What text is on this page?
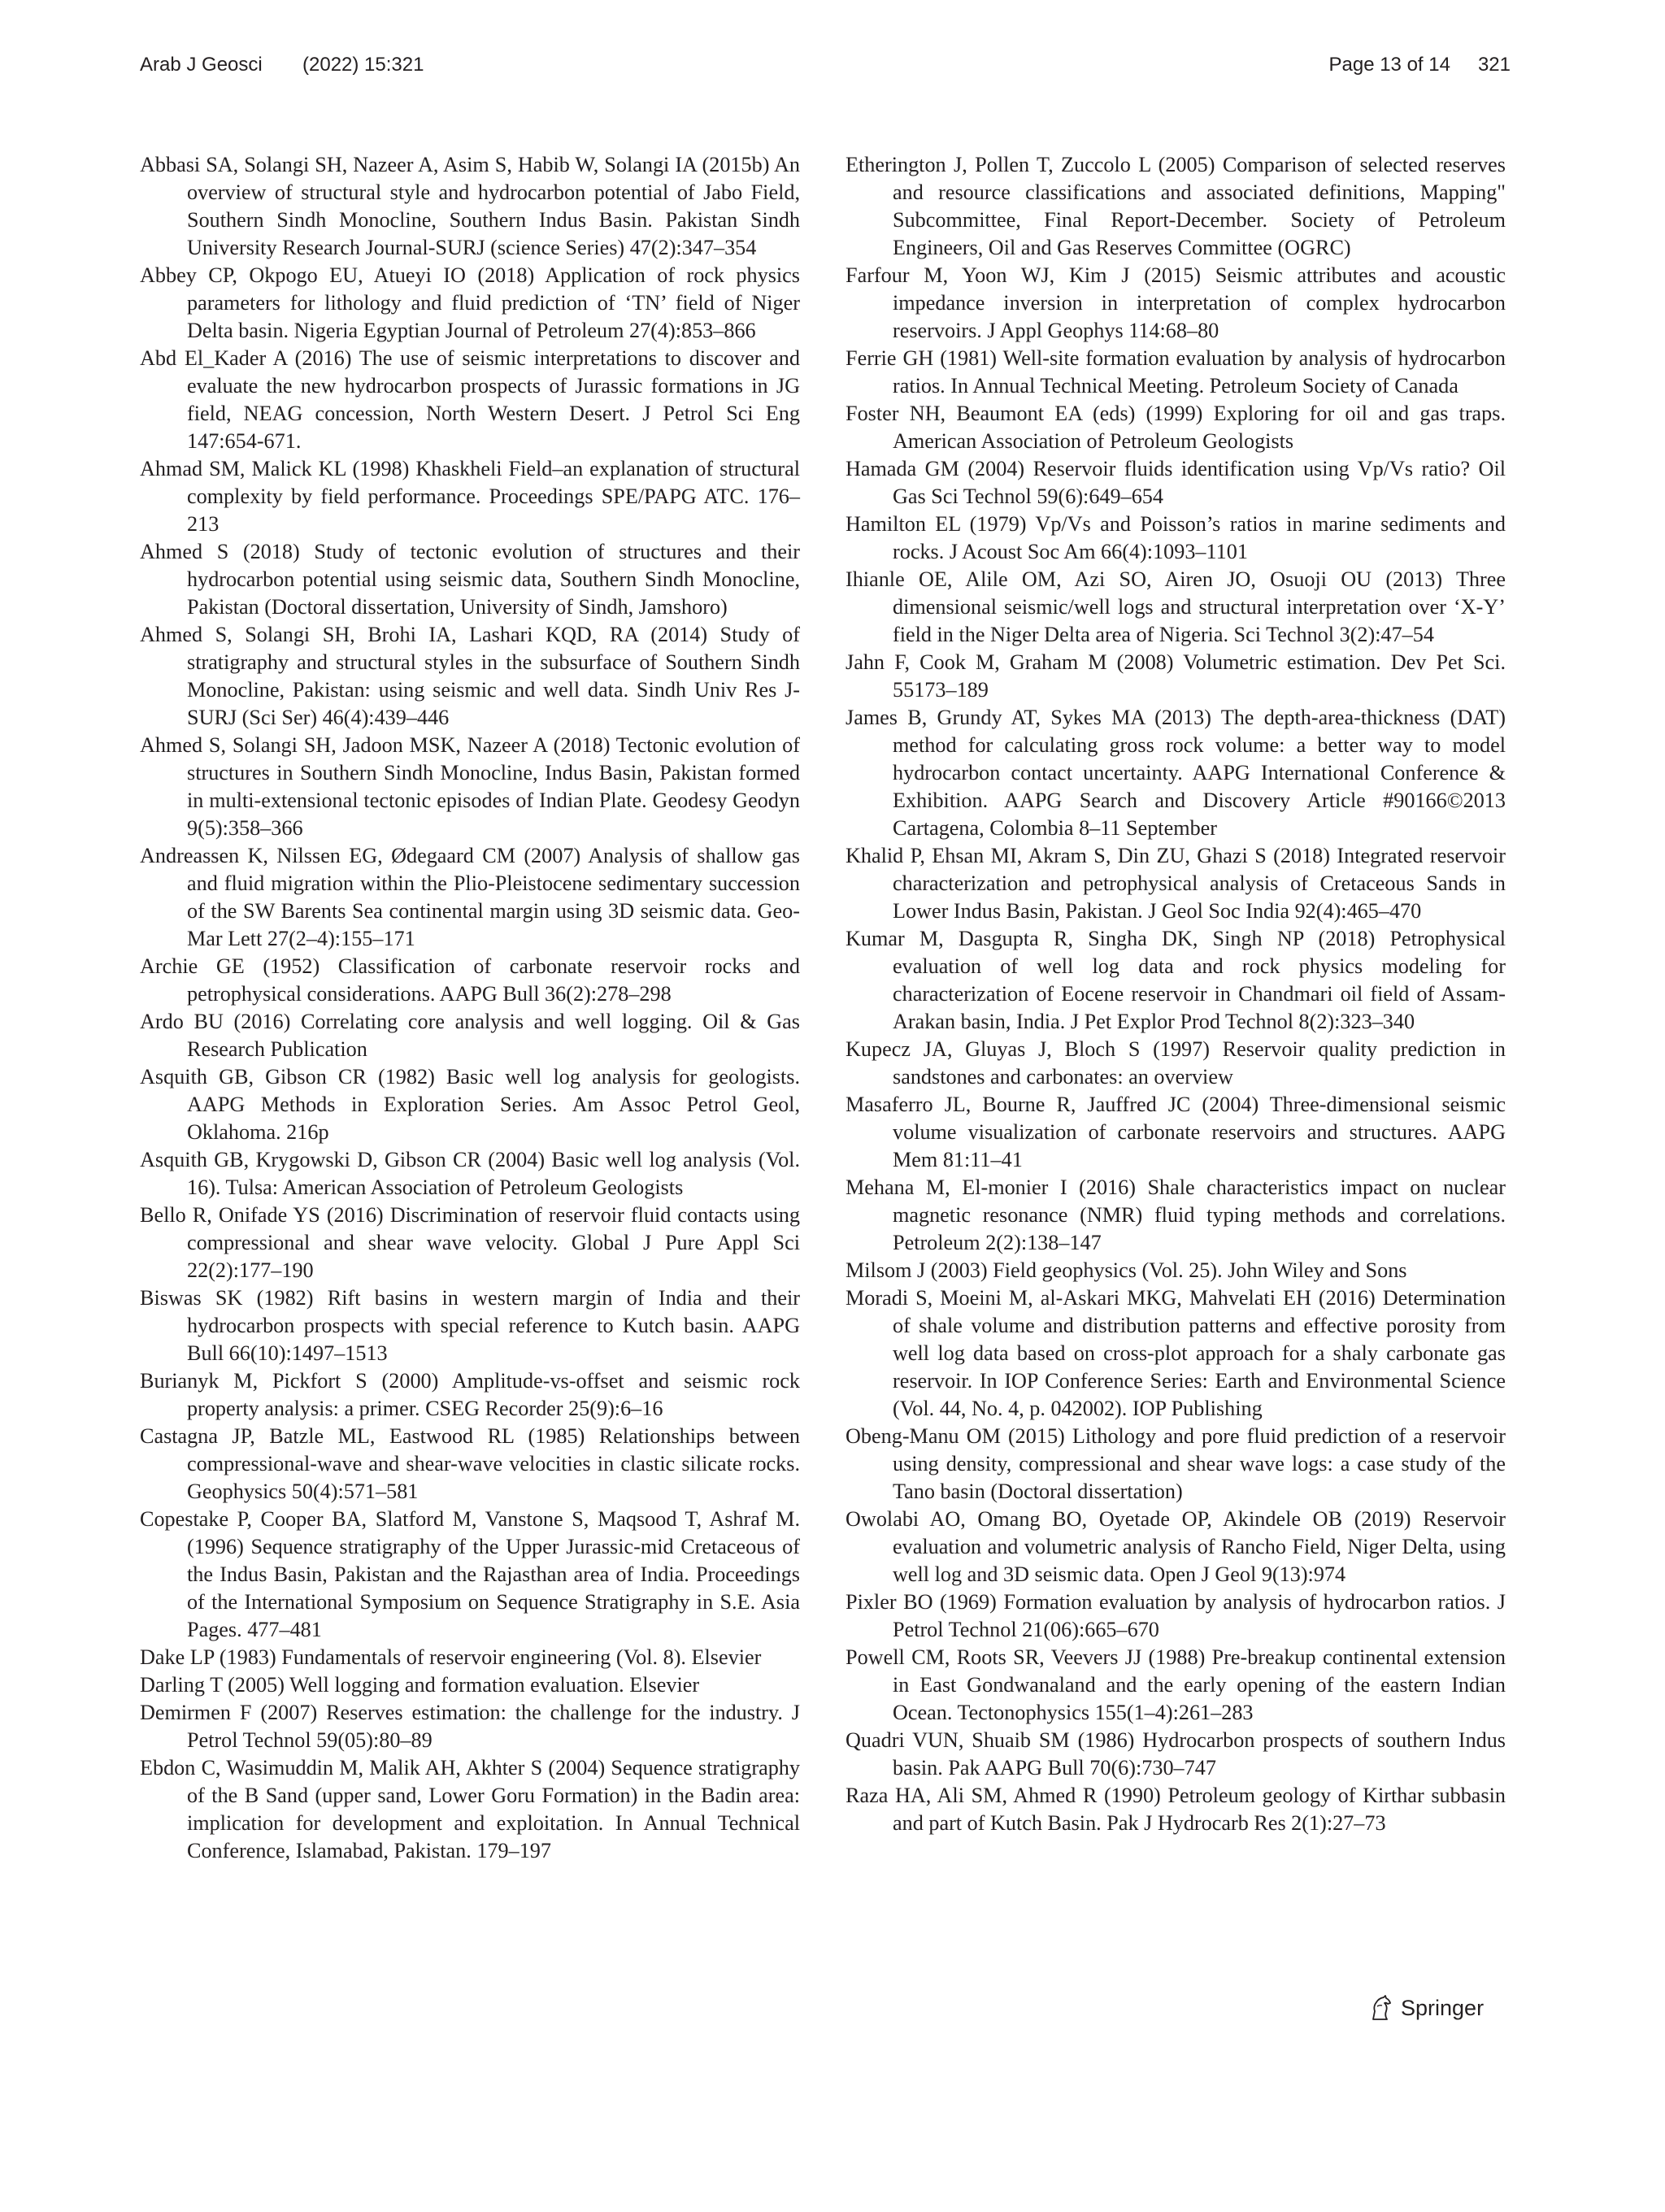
Arab J Geosci (2022) 15:321	Page 13 of 14 321

Abbasi SA, Solangi SH, Nazeer A, Asim S, Habib W, Solangi IA (2015b) An overview of structural style and hydrocarbon potential of Jabo Field, Southern Sindh Monocline, Southern Indus Basin. Pakistan Sindh University Research Journal-SURJ (science Series) 47(2):347–354

Abbey CP, Okpogo EU, Atueyi IO (2018) Application of rock physics parameters for lithology and fluid prediction of ‘TN’ field of Niger Delta basin. Nigeria Egyptian Journal of Petroleum 27(4):853–866

Abd El_Kader A (2016) The use of seismic interpretations to discover and evaluate the new hydrocarbon prospects of Jurassic formations in JG field, NEAG concession, North Western Desert. J Petrol Sci Eng 147:654-671.

Ahmad SM, Malick KL (1998) Khaskheli Field–an explanation of structural complexity by field performance. Proceedings SPE/PAPG ATC. 176–213

Ahmed S (2018) Study of tectonic evolution of structures and their hydrocarbon potential using seismic data, Southern Sindh Monocline, Pakistan (Doctoral dissertation, University of Sindh, Jamshoro)

Ahmed S, Solangi SH, Brohi IA, Lashari KQD, RA (2014) Study of stratigraphy and structural styles in the subsurface of Southern Sindh Monocline, Pakistan: using seismic and well data. Sindh Univ Res J-SURJ (Sci Ser) 46(4):439–446

Ahmed S, Solangi SH, Jadoon MSK, Nazeer A (2018) Tectonic evolution of structures in Southern Sindh Monocline, Indus Basin, Pakistan formed in multi-extensional tectonic episodes of Indian Plate. Geodesy Geodyn 9(5):358–366

Andreassen K, Nilssen EG, Ødegaard CM (2007) Analysis of shallow gas and fluid migration within the Plio-Pleistocene sedimentary succession of the SW Barents Sea continental margin using 3D seismic data. Geo-Mar Lett 27(2–4):155–171

Archie GE (1952) Classification of carbonate reservoir rocks and petrophysical considerations. AAPG Bull 36(2):278–298

Ardo BU (2016) Correlating core analysis and well logging. Oil & Gas Research Publication

Asquith GB, Gibson CR (1982) Basic well log analysis for geologists. AAPG Methods in Exploration Series. Am Assoc Petrol Geol, Oklahoma. 216p

Asquith GB, Krygowski D, Gibson CR (2004) Basic well log analysis (Vol. 16). Tulsa: American Association of Petroleum Geologists

Bello R, Onifade YS (2016) Discrimination of reservoir fluid contacts using compressional and shear wave velocity. Global J Pure Appl Sci 22(2):177–190

Biswas SK (1982) Rift basins in western margin of India and their hydrocarbon prospects with special reference to Kutch basin. AAPG Bull 66(10):1497–1513

Burianyk M, Pickfort S (2000) Amplitude-vs-offset and seismic rock property analysis: a primer. CSEG Recorder 25(9):6–16

Castagna JP, Batzle ML, Eastwood RL (1985) Relationships between compressional-wave and shear-wave velocities in clastic silicate rocks. Geophysics 50(4):571–581

Copestake P, Cooper BA, Slatford M, Vanstone S, Maqsood T, Ashraf M. (1996) Sequence stratigraphy of the Upper Jurassic-mid Cretaceous of the Indus Basin, Pakistan and the Rajasthan area of India. Proceedings of the International Symposium on Sequence Stratigraphy in S.E. Asia Pages. 477–481

Dake LP (1983) Fundamentals of reservoir engineering (Vol. 8). Elsevier

Darling T (2005) Well logging and formation evaluation. Elsevier

Demirmen F (2007) Reserves estimation: the challenge for the industry. J Petrol Technol 59(05):80–89

Ebdon C, Wasimuddin M, Malik AH, Akhter S (2004) Sequence stratigraphy of the B Sand (upper sand, Lower Goru Formation) in the Badin area: implication for development and exploitation. In Annual Technical Conference, Islamabad, Pakistan. 179–197

Etherington J, Pollen T, Zuccolo L (2005) Comparison of selected reserves and resource classifications and associated definitions, Mapping" Subcommittee, Final Report-December. Society of Petroleum Engineers, Oil and Gas Reserves Committee (OGRC)

Farfour M, Yoon WJ, Kim J (2015) Seismic attributes and acoustic impedance inversion in interpretation of complex hydrocarbon reservoirs. J Appl Geophys 114:68–80

Ferrie GH (1981) Well-site formation evaluation by analysis of hydrocarbon ratios. In Annual Technical Meeting. Petroleum Society of Canada

Foster NH, Beaumont EA (eds) (1999) Exploring for oil and gas traps. American Association of Petroleum Geologists

Hamada GM (2004) Reservoir fluids identification using Vp/Vs ratio? Oil Gas Sci Technol 59(6):649–654

Hamilton EL (1979) Vp/Vs and Poisson’s ratios in marine sediments and rocks. J Acoust Soc Am 66(4):1093–1101

Ihianle OE, Alile OM, Azi SO, Airen JO, Osuoji OU (2013) Three dimensional seismic/well logs and structural interpretation over ‘X-Y’ field in the Niger Delta area of Nigeria. Sci Technol 3(2):47–54

Jahn F, Cook M, Graham M (2008) Volumetric estimation. Dev Pet Sci. 55173–189

James B, Grundy AT, Sykes MA (2013) The depth-area-thickness (DAT) method for calculating gross rock volume: a better way to model hydrocarbon contact uncertainty. AAPG International Conference & Exhibition. AAPG Search and Discovery Article #90166©2013 Cartagena, Colombia 8–11 September

Khalid P, Ehsan MI, Akram S, Din ZU, Ghazi S (2018) Integrated reservoir characterization and petrophysical analysis of Cretaceous Sands in Lower Indus Basin, Pakistan. J Geol Soc India 92(4):465–470

Kumar M, Dasgupta R, Singha DK, Singh NP (2018) Petrophysical evaluation of well log data and rock physics modeling for characterization of Eocene reservoir in Chandmari oil field of Assam-Arakan basin, India. J Pet Explor Prod Technol 8(2):323–340

Kupecz JA, Gluyas J, Bloch S (1997) Reservoir quality prediction in sandstones and carbonates: an overview

Masaferro JL, Bourne R, Jauffred JC (2004) Three-dimensional seismic volume visualization of carbonate reservoirs and structures. AAPG Mem 81:11–41

Mehana M, El-monier I (2016) Shale characteristics impact on nuclear magnetic resonance (NMR) fluid typing methods and correlations. Petroleum 2(2):138–147

Milsom J (2003) Field geophysics (Vol. 25). John Wiley and Sons

Moradi S, Moeini M, al-Askari MKG, Mahvelati EH (2016) Determination of shale volume and distribution patterns and effective porosity from well log data based on cross-plot approach for a shaly carbonate gas reservoir. In IOP Conference Series: Earth and Environmental Science (Vol. 44, No. 4, p. 042002). IOP Publishing

Obeng-Manu OM (2015) Lithology and pore fluid prediction of a reservoir using density, compressional and shear wave logs: a case study of the Tano basin (Doctoral dissertation)

Owolabi AO, Omang BO, Oyetade OP, Akindele OB (2019) Reservoir evaluation and volumetric analysis of Rancho Field, Niger Delta, using well log and 3D seismic data. Open J Geol 9(13):974

Pixler BO (1969) Formation evaluation by analysis of hydrocarbon ratios. J Petrol Technol 21(06):665–670

Powell CM, Roots SR, Veevers JJ (1988) Pre-breakup continental extension in East Gondwanaland and the early opening of the eastern Indian Ocean. Tectonophysics 155(1–4):261–283

Quadri VUN, Shuaib SM (1986) Hydrocarbon prospects of southern Indus basin. Pak AAPG Bull 70(6):730–747

Raza HA, Ali SM, Ahmed R (1990) Petroleum geology of Kirthar subbasin and part of Kutch Basin. Pak J Hydrocarb Res 2(1):27–73

Springer
